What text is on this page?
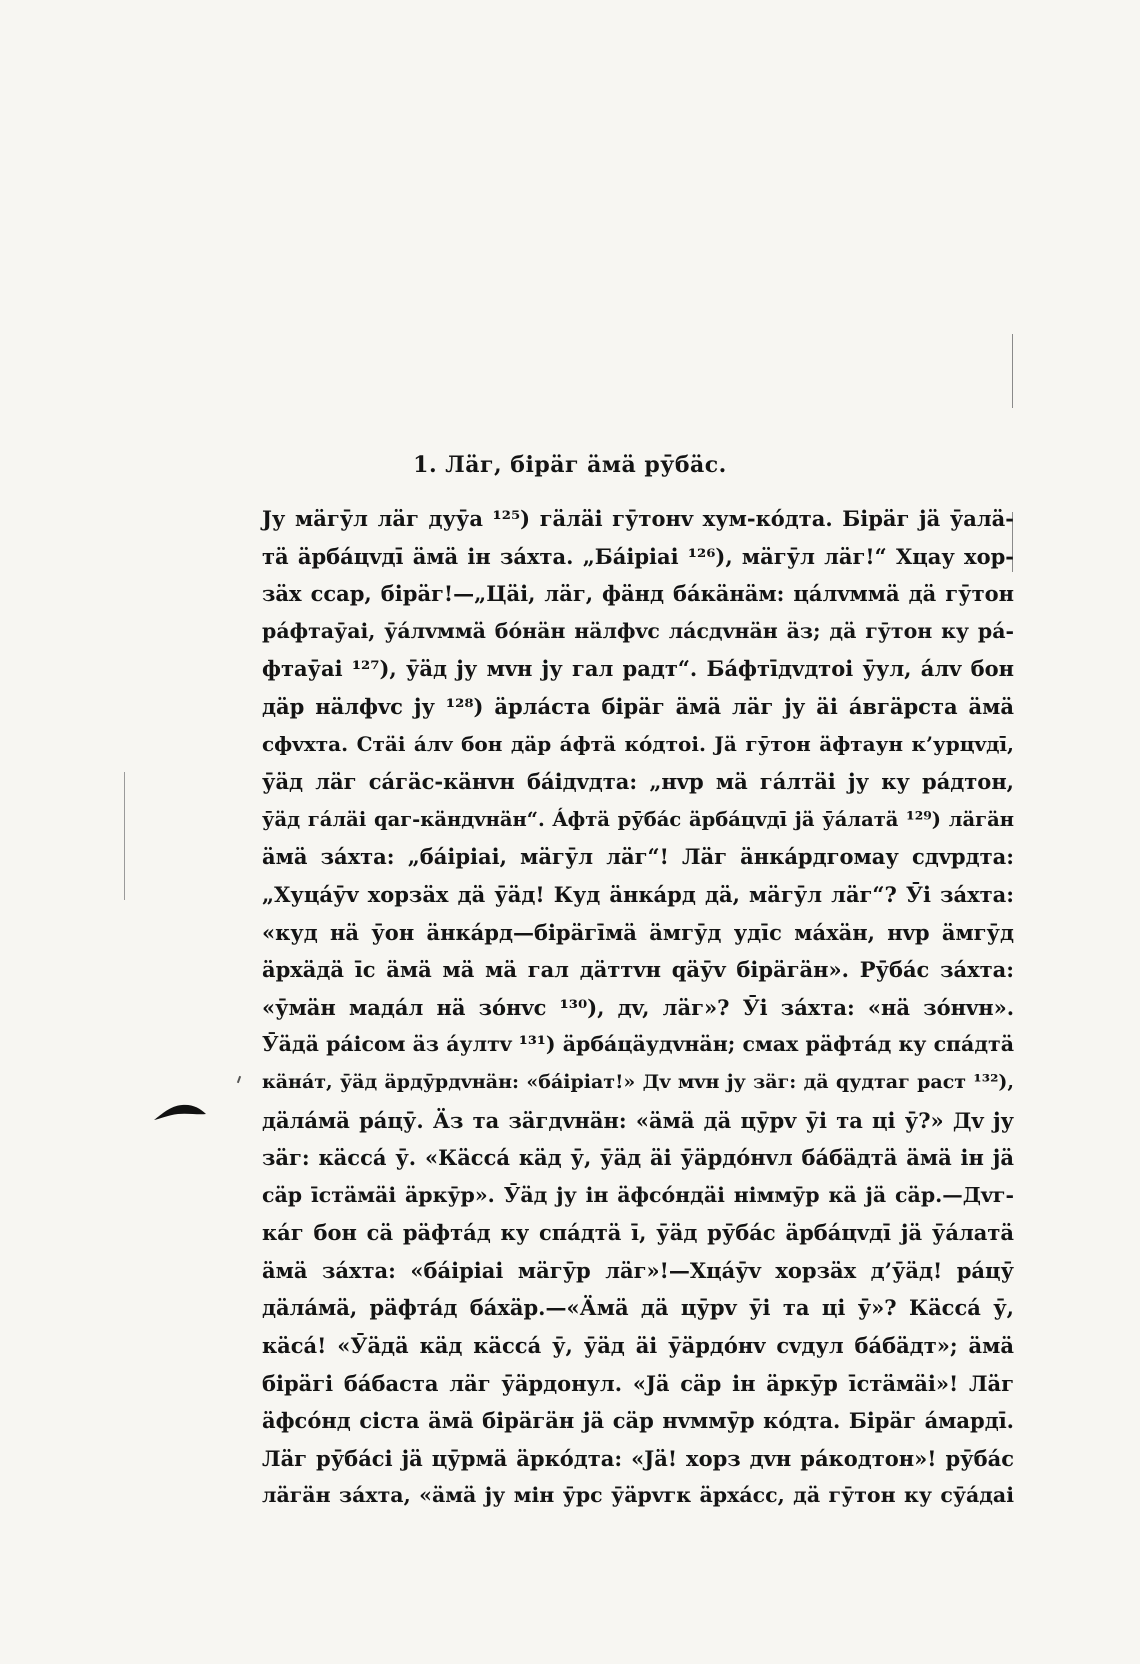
1. Лӓг, бірӓг ӓмӓ рӯбӓс.
Jу мӓгӯл лӓг дуӯа ¹²⁵) гӓлӓі гӯтонv хум-кóдта. Бірӓг jӓ ӯалӓ-
тӓ ӓрбáцvдī ӓмӓ ін зáхта. „Бáіріаі ¹²⁶), мӓгӯл лӓг!“ Хцау хор-
зӓх ссар, бірӓг!—„Цӓі, лӓг, фӓнд бáкӓнӓм: цáлvммӓ дӓ гӯтон
рáфтаӯаі, ӯáлvммӓ бóнӓн нӓлфvс лáсдvнӓн ӓз; дӓ гӯтон ку рá-
фтаӯаі ¹²⁷), ӯӓд jу мvн jу гал радт“. Бáфтīдvдтоі ӯул, áлv бон
дӓр нӓлфvс jу ¹²⁸) ӓрлáста бірӓг ӓмӓ лӓг jу ӓі áвгӓрста ӓмӓ
сфvхта. Стӓі áлv бон дӓр áфтӓ кóдтоі. Jӓ гӯтон ӓфтаун к’урцvдī,
ӯӓд лӓг сáгӓс-кӓнvн бáідvдта: „нvр мӓ гáлтӓі jу ку рáдтон,
ӯӓд гáлӓі qаг-кӓндvнӓн“. Áфтӓ рӯбáс ӓрбáцvдī jӓ ӯáлатӓ ¹²⁹) лӓгӓн
ӓмӓ зáхта: „бáіріаі, мӓгӯл лӓг“! Лӓг ӓнкáрдгомау сдvрдта:
„Хуцáӯv хорзӓх дӓ ӯӓд! Куд ӓнкáрд дӓ, мӓгӯл лӓг“? Ӯі зáхта:
«куд нӓ ӯон ӓнкáрд—бірӓгīмӓ ӓмгӯд удīс мáхӓн, нvр ӓмгӯд
ӓрхӓдӓ īс ӓмӓ мӓ мӓ гал дӓттvн qӓӯv бірӓгӓн». Рӯбáс зáхта:
«ӯмӓн мадáл нӓ зóнvс ¹³⁰), дv, лӓг»? Ӯі зáхта: «нӓ зóнvн».
Ӯӓдӓ рáісом ӓз áултv ¹³¹) ӓрбáцӓудvнӓн; смах рӓфтáд ку спáдтӓ
кӓнáт, ӯӓд ӓрдӯрдvнӓн: «бáіріат!» Дv мvн jу зӓг: дӓ qудтаг раст ¹³²),
дӓлáмӓ рáцӯ. Ӓз та зӓгдvнӓн: «ӓмӓ дӓ цӯрv ӯі та ці ӯ?» Дv jу
зӓг: кӓссá ӯ. «Кӓссá кӓд ӯ, ӯӓд ӓі ӯӓрдóнvл бáбӓдтӓ ӓмӓ ін jӓ
сӓр īстӓмӓі ӓркӯр». Ӯӓд jу ін ӓфсóндӓі німмӯр кӓ jӓ сӓр.—Дvг-
кáг бон сӓ рӓфтáд ку спáдтӓ ī, ӯӓд рӯбáс ӓрбáцvдī jӓ ӯáлатӓ
ӓмӓ зáхта: «бáіріаі мӓгӯр лӓг»!—Хцáӯv хорзӓх д’ӯӓд! рáцӯ
дӓлáмӓ, рӓфтáд бáхӓр.—«Ӓмӓ дӓ цӯрv ӯі та ці ӯ»? Кӓссá ӯ,
кӓсá! «Ӯӓдӓ кӓд кӓссá ӯ, ӯӓд ӓі ӯӓрдóнv сvдул бáбӓдт»; ӓмӓ
бірӓгі бáбаста лӓг ӯӓрдонул. «Jӓ сӓр ін ӓркӯр īстӓмӓі»! Лӓг
ӓфсóнд сіста ӓмӓ бірӓгӓн jӓ сӓр нvммӯр кóдта. Бірӓг áмардī.
Лӓг рӯбáсі jӓ цӯрмӓ ӓркóдта: «Jӓ! хорз дvн рáкодтон»! рӯбáс
лӓгӓн зáхта, «ӓмӓ jу мін ӯрс ӯӓрvгк ӓрхáсс, дӓ гӯтон ку сӯáдаі
